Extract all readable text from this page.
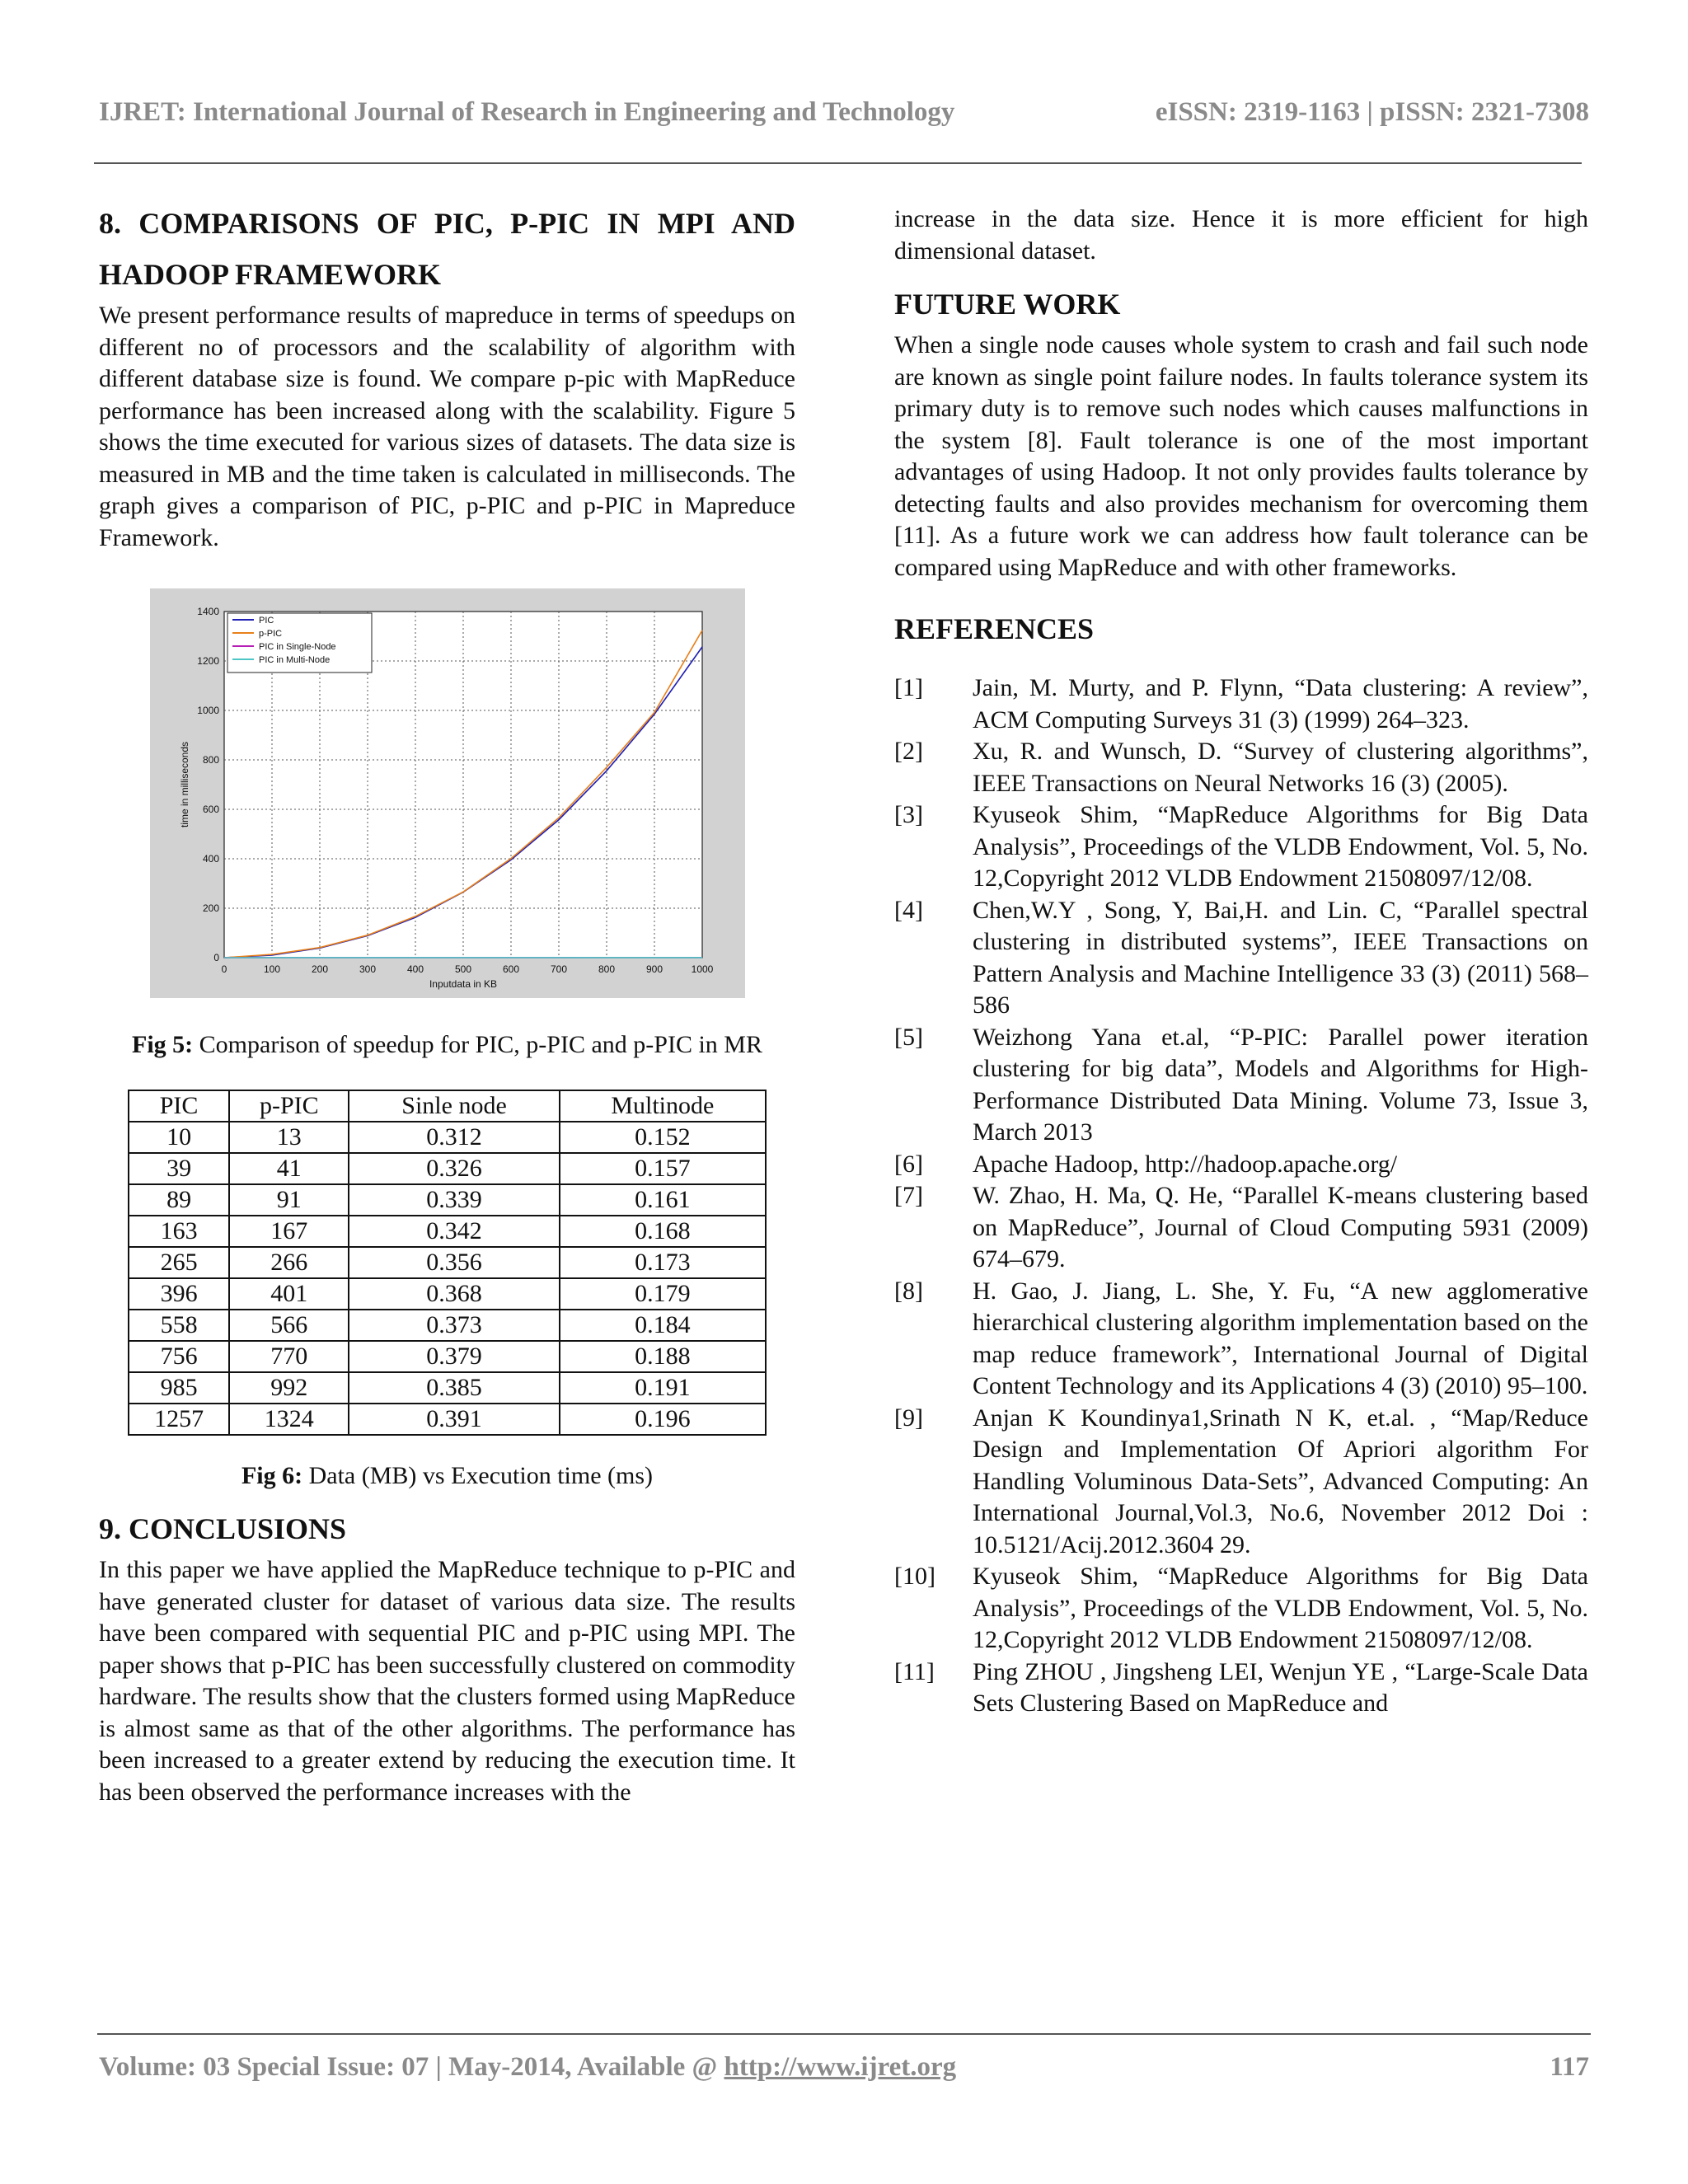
IJRET: International Journal of Research in Engineering and Technology	eISSN: 2319-1163 | pISSN: 2321-7308
8. COMPARISONS OF PIC, P-PIC IN MPI AND
HADOOP FRAMEWORK

We present performance results of mapreduce in terms of speedups on different no of processors and the scalability of algorithm with different database size is found. We compare p-pic with MapReduce performance has been increased along with the scalability. Figure 5 shows the time executed for various sizes of datasets. The data size is measured in MB and the time taken is calculated in milliseconds. The graph gives a comparison of PIC, p-PIC and p-PIC in Mapreduce Framework.

0	100	200	300	400	500	600	700	800	900	1000
0
200
400
600
800
1000
1200
1400
Inputdata in KB
time in milliseconds
PIC
p-PIC
PIC in Single-Node
PIC in Multi-Node

Fig 5: Comparison of speedup for PIC, p-PIC and p-PIC in MR

PIC	p-PIC	Sinle node	Multinode
10	13	0.312	0.152
39	41	0.326	0.157
89	91	0.339	0.161
163	167	0.342	0.168
265	266	0.356	0.173
396	401	0.368	0.179
558	566	0.373	0.184
756	770	0.379	0.188
985	992	0.385	0.191
1257	1324	0.391	0.196

Fig 6: Data (MB) vs Execution time (ms)

9. CONCLUSIONS

In this paper we have applied the MapReduce technique to p-PIC and have generated cluster for dataset of various data size. The results have been compared with sequential PIC and p-PIC using MPI. The paper shows that p-PIC has been successfully clustered on commodity hardware. The results show that the clusters formed using MapReduce is almost same as that of the other algorithms. The performance has been increased to a greater extend by reducing the execution time. It has been observed the performance increases with the

increase in the data size. Hence it is more efficient for high dimensional dataset.

FUTURE WORK

When a single node causes whole system to crash and fail such node are known as single point failure nodes. In faults tolerance system its primary duty is to remove such nodes which causes malfunctions in the system [8]. Fault tolerance is one of the most important advantages of using Hadoop. It not only provides faults tolerance by detecting faults and also provides mechanism for overcoming them [11]. As a future work we can address how fault tolerance can be compared using MapReduce and with other frameworks.

REFERENCES
[1] Jain, M. Murty, and P. Flynn, “Data clustering: A review”, ACM Computing Surveys 31 (3) (1999) 264–323.
[2] Xu, R. and Wunsch, D. “Survey of clustering algorithms”, IEEE Transactions on Neural Networks 16 (3) (2005).
[3] Kyuseok Shim, “MapReduce Algorithms for Big Data Analysis”, Proceedings of the VLDB Endowment, Vol. 5, No. 12,Copyright 2012 VLDB Endowment 21508097/12/08.
[4] Chen,W.Y , Song, Y, Bai,H. and Lin. C, “Parallel spectral clustering in distributed systems”, IEEE Transactions on Pattern Analysis and Machine Intelligence 33 (3) (2011) 568–586
[5] Weizhong Yana et.al, “P-PIC: Parallel power iteration clustering for big data”, Models and Algorithms for High-Performance Distributed Data Mining. Volume 73, Issue 3, March 2013
[6] Apache Hadoop, http://hadoop.apache.org/
[7] W. Zhao, H. Ma, Q. He, “Parallel K-means clustering based on MapReduce”, Journal of Cloud Computing 5931 (2009) 674–679.
[8] H. Gao, J. Jiang, L. She, Y. Fu, “A new agglomerative hierarchical clustering algorithm implementation based on the map reduce framework”, International Journal of Digital Content Technology and its Applications 4 (3) (2010) 95–100.
[9] Anjan K Koundinya1,Srinath N K, et.al. , “Map/Reduce Design and Implementation Of Apriori algorithm For Handling Voluminous Data-Sets”, Advanced Computing: An International Journal,Vol.3, No.6, November 2012 Doi : 10.5121/Acij.2012.3604 29.
[10] Kyuseok Shim, “MapReduce Algorithms for Big Data Analysis”, Proceedings of the VLDB Endowment, Vol. 5, No. 12,Copyright 2012 VLDB Endowment 21508097/12/08.
[11] Ping ZHOU , Jingsheng LEI, Wenjun YE , “Large-Scale Data Sets Clustering Based on MapReduce and
Volume: 03 Special Issue: 07 | May-2014, Available @ http://www.ijret.org	117
